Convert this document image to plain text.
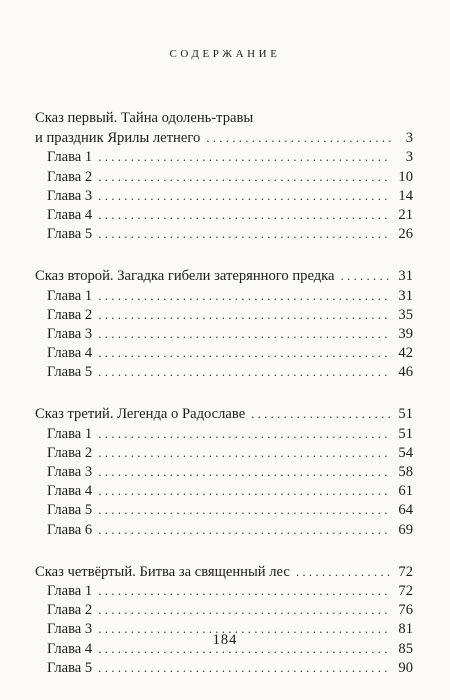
содержание
Сказ первый. Тайна одолень-травы
и праздник Ярилы летнего . . .	3
Глава 1 . . .	3
Глава 2 . . .	10
Глава 3 . . .	14
Глава 4 . . .	21
Глава 5 . . .	26
Сказ второй. Загадка гибели затерянного предка . . .	31
Глава 1 . . .	31
Глава 2 . . .	35
Глава 3 . . .	39
Глава 4 . . .	42
Глава 5 . . .	46
Сказ третий. Легенда о Радославе . . .	51
Глава 1 . . .	51
Глава 2 . . .	54
Глава 3 . . .	58
Глава 4 . . .	61
Глава 5 . . .	64
Глава 6 . . .	69
Сказ четвёртый. Битва за священный лес . . .	72
Глава 1 . . .	72
Глава 2 . . .	76
Глава 3 . . .	81
Глава 4 . . .	85
Глава 5 . . .	90
184
